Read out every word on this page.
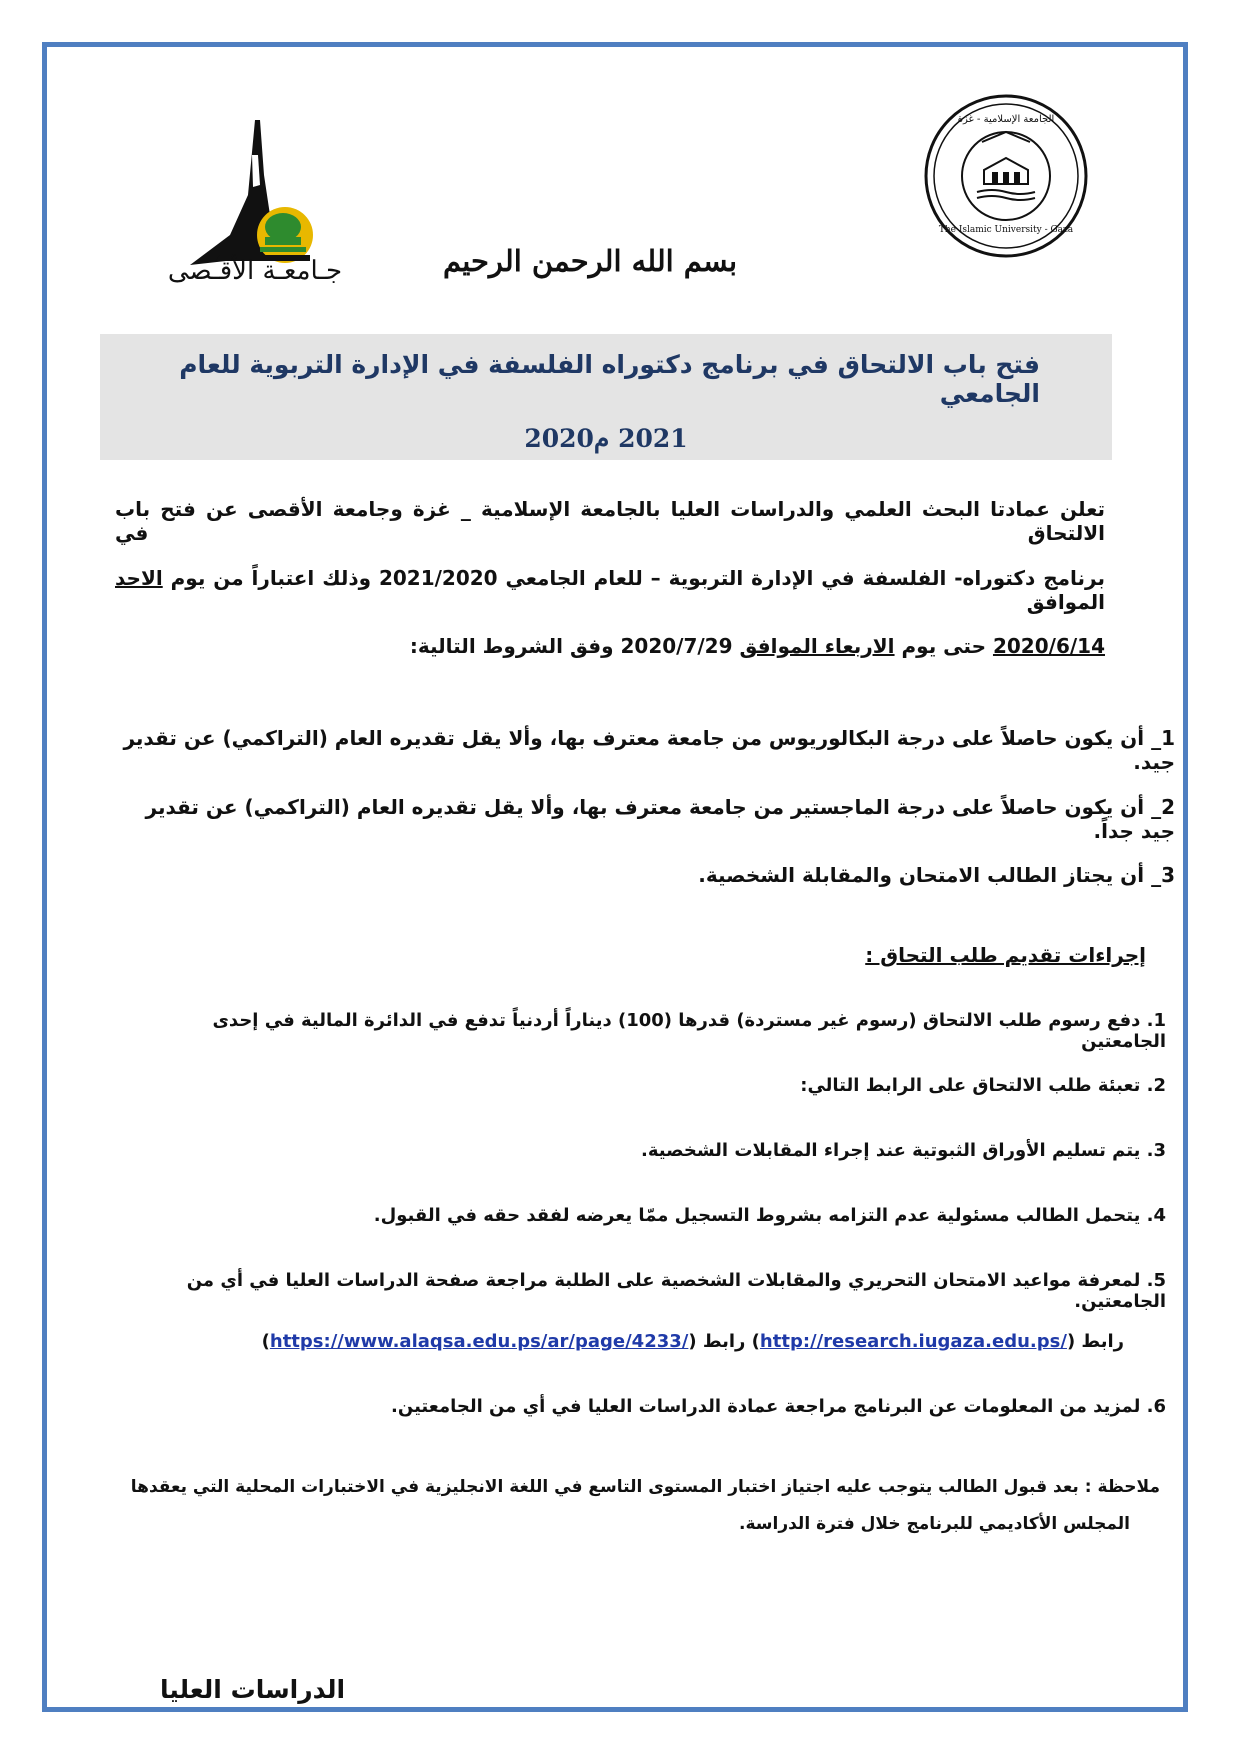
جـامعـة الأقـصى	بسم الله الرحمن الرحيم
The Islamic University - Gaza
الجامعة الإسلامية - غزة
فتح باب الالتحاق في برنامج دكتوراه الفلسفة في الإدارة التربوية للعام الجامعي
2021 م2020
تعلن عمادتا البحث العلمي والدراسات العليا بالجامعة الإسلامية _ غزة وجامعة الأقصى عن فتح باب الالتحاق في
برنامج دكتوراه- الفلسفة في الإدارة التربوية – للعام الجامعي 2021/2020 وذلك اعتباراً من يوم الاحد الموافق
2020/6/14 حتى يوم الاربعاء الموافق 2020/7/29 وفق الشروط التالية:
1_ أن يكون حاصلاً على درجة البكالوريوس من جامعة معترف بها، وألا يقل تقديره العام (التراكمي) عن تقدير جيد.
2_ أن يكون حاصلاً على درجة الماجستير من جامعة معترف بها، وألا يقل تقديره العام (التراكمي) عن تقدير جيد جداً.
3_ أن يجتاز الطالب الامتحان والمقابلة الشخصية.
إجراءات تقديم طلب التحاق :
1. دفع رسوم طلب الالتحاق (رسوم غير مستردة) قدرها (100) ديناراً أردنياً تدفع في الدائرة المالية في إحدى الجامعتين
2. تعبئة طلب الالتحاق على الرابط التالي:
3. يتم تسليم الأوراق الثبوتية عند إجراء المقابلات الشخصية.
4. يتحمل الطالب مسئولية عدم التزامه بشروط التسجيل ممّا يعرضه لفقد حقه في القبول.
5. لمعرفة مواعيد الامتحان التحريري والمقابلات الشخصية على الطلبة مراجعة صفحة الدراسات العليا في أي من الجامعتين.
رابط (http://research.iugaza.edu.ps/) رابط (https://www.alaqsa.edu.ps/ar/page/4233/)
6. لمزيد من المعلومات عن البرنامج مراجعة عمادة الدراسات العليا في أي من الجامعتين.
ملاحظة : بعد قبول الطالب يتوجب عليه اجتياز اختبار المستوى التاسع في اللغة الانجليزية في الاختبارات المحلية التي يعقدها
المجلس الأكاديمي للبرنامج خلال فترة الدراسة.
الدراسات العليا
